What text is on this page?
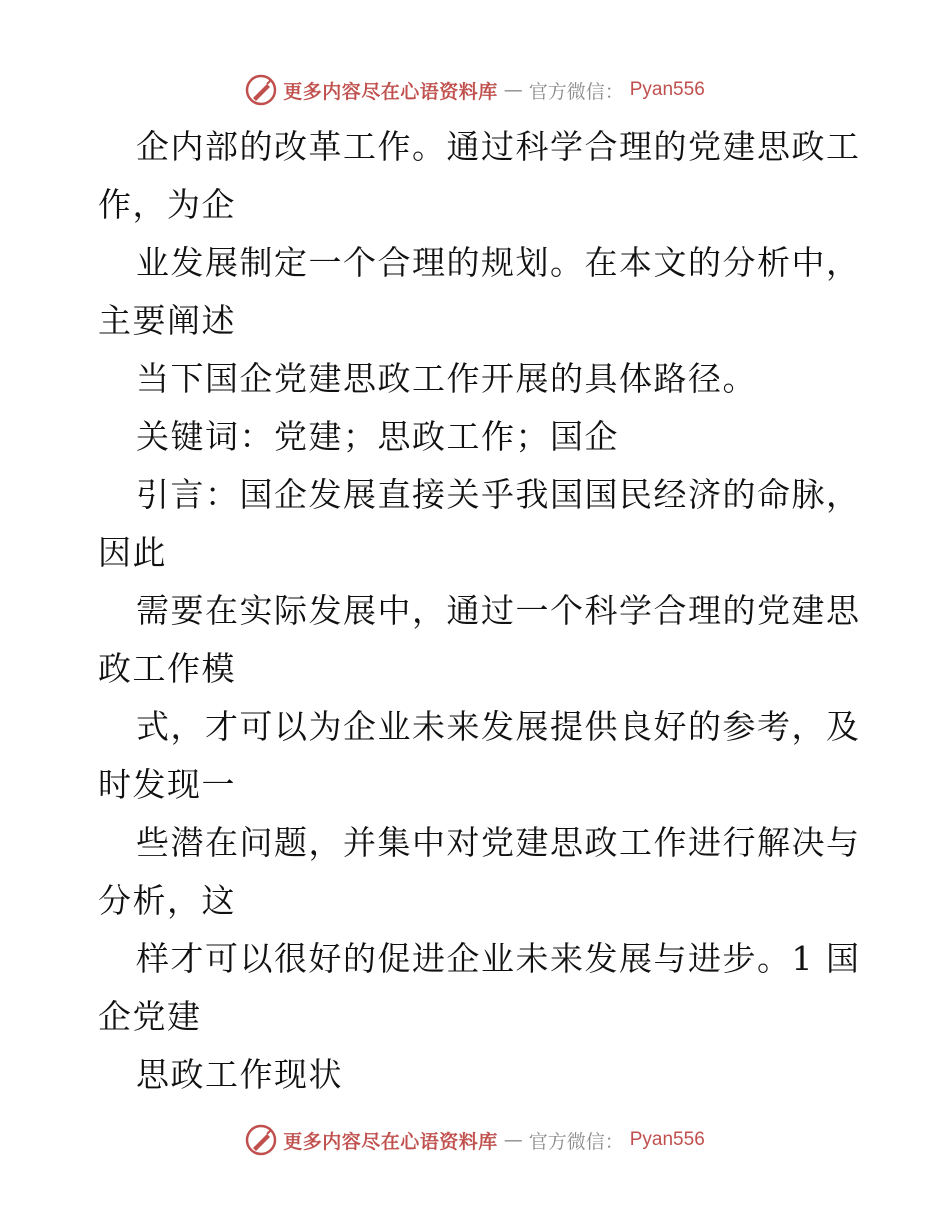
更多内容尽在心语资料库 — 官方微信： Pyan556
企内部的改革工作。通过科学合理的党建思政工
作，为企
业发展制定一个合理的规划。在本文的分析中，
主要阐述
当下国企党建思政工作开展的具体路径。
关键词：党建；思政工作；国企
引言：国企发展直接关乎我国国民经济的命脉，
因此
需要在实际发展中，通过一个科学合理的党建思
政工作模
式，才可以为企业未来发展提供良好的参考，及
时发现一
些潜在问题，并集中对党建思政工作进行解决与
分析，这
样才可以很好的促进企业未来发展与进步。1 国
企党建
思政工作现状
更多内容尽在心语资料库 — 官方微信： Pyan556
